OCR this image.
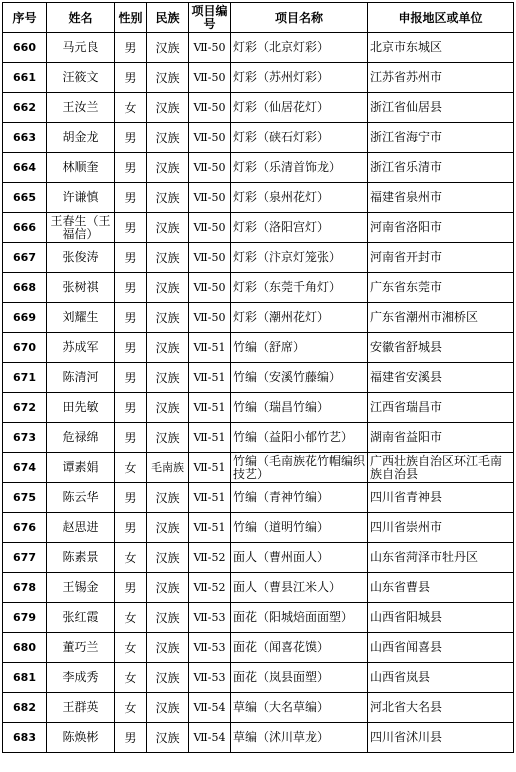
序号	姓名	性别	民族	项目编号	项目名称	申报地区或单位
660	马元良	男	汉族	Ⅶ-50	灯彩（北京灯彩）	北京市东城区
661	汪筱文	男	汉族	Ⅶ-50	灯彩（苏州灯彩）	江苏省苏州市
662	王汝兰	女	汉族	Ⅶ-50	灯彩（仙居花灯）	浙江省仙居县
663	胡金龙	男	汉族	Ⅶ-50	灯彩（硖石灯彩）	浙江省海宁市
664	林顺奎	男	汉族	Ⅶ-50	灯彩（乐清首饰龙）	浙江省乐清市
665	许谦慎	男	汉族	Ⅶ-50	灯彩（泉州花灯）	福建省泉州市
666	王春生（王福信）	男	汉族	Ⅶ-50	灯彩（洛阳宫灯）	河南省洛阳市
667	张俊涛	男	汉族	Ⅶ-50	灯彩（汴京灯笼张）	河南省开封市
668	张树祺	男	汉族	Ⅶ-50	灯彩（东莞千角灯）	广东省东莞市
669	刘耀生	男	汉族	Ⅶ-50	灯彩（潮州花灯）	广东省潮州市湘桥区
670	苏成军	男	汉族	Ⅶ-51	竹编（舒席）	安徽省舒城县
671	陈清河	男	汉族	Ⅶ-51	竹编（安溪竹藤编）	福建省安溪县
672	田先敏	男	汉族	Ⅶ-51	竹编（瑞昌竹编）	江西省瑞昌市
673	危禄绵	男	汉族	Ⅶ-51	竹编（益阳小郁竹艺）	湖南省益阳市
674	谭素娟	女	毛南族	Ⅶ-51	竹编（毛南族花竹帽编织技艺）	广西壮族自治区环江毛南族自治县
675	陈云华	男	汉族	Ⅶ-51	竹编（青神竹编）	四川省青神县
676	赵思进	男	汉族	Ⅶ-51	竹编（道明竹编）	四川省崇州市
677	陈素景	女	汉族	Ⅶ-52	面人（曹州面人）	山东省菏泽市牡丹区
678	王锡金	男	汉族	Ⅶ-52	面人（曹县江米人）	山东省曹县
679	张红霞	女	汉族	Ⅶ-53	面花（阳城焙面面塑）	山西省阳城县
680	董巧兰	女	汉族	Ⅶ-53	面花（闻喜花馍）	山西省闻喜县
681	李成秀	女	汉族	Ⅶ-53	面花（岚县面塑）	山西省岚县
682	王群英	女	汉族	Ⅶ-54	草编（大名草编）	河北省大名县
683	陈焕彬	男	汉族	Ⅶ-54	草编（沭川草龙）	四川省沭川县
